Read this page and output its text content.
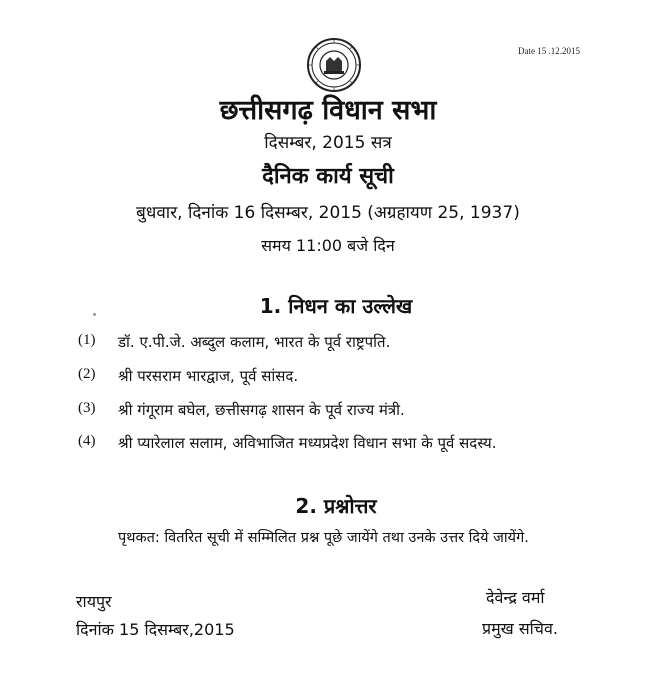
Date 15 .12.2015
छत्तीसगढ़ विधान सभा
दिसम्बर, 2015 सत्र
दैनिक कार्य सूची
बुधवार, दिनांक 16 दिसम्बर, 2015 (अग्रहायण 25, 1937)
समय 11:00 बजे दिन
1. निधन का उल्लेख
(1) डॉ. ए.पी.जे. अब्दुल कलाम, भारत के पूर्व राष्ट्रपति.
(2) श्री परसराम भारद्वाज, पूर्व सांसद.
(3) श्री गंगूराम बघेल, छत्तीसगढ़ शासन के पूर्व राज्य मंत्री.
(4) श्री प्यारेलाल सलाम, अविभाजित मध्यप्रदेश विधान सभा के पूर्व सदस्य.
2. प्रश्नोत्तर
पृथकत: वितरित सूची में सम्मिलित प्रश्न पूछे जायेंगे तथा उनके उत्तर दिये जायेंगे.
रायपुर
दिनांक 15 दिसम्बर,2015
देवेन्द्र वर्मा
प्रमुख सचिव.
